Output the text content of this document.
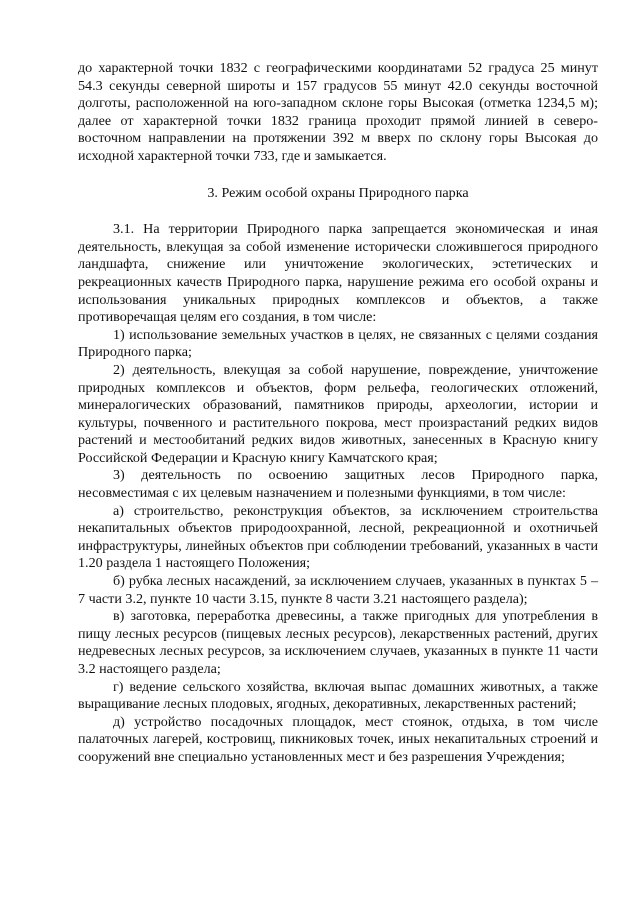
до характерной точки 1832 с географическими координатами 52 градуса 25 минут 54.3 секунды северной широты и 157 градусов 55 минут 42.0 секунды восточной долготы, расположенной на юго-западном склоне горы Высокая (отметка 1234,5 м); далее от характерной точки 1832 граница проходит прямой линией в северо-восточном направлении на протяжении 392 м вверх по склону горы Высокая до исходной характерной точки 733, где и замыкается.

3. Режим особой охраны Природного парка

3.1. На территории Природного парка запрещается экономическая и иная деятельность, влекущая за собой изменение исторически сложившегося природного ландшафта, снижение или уничтожение экологических, эстетических и рекреационных качеств Природного парка, нарушение режима его особой охраны и использования уникальных природных комплексов и объектов, а также противоречащая целям его создания, в том числе:

1) использование земельных участков в целях, не связанных с целями создания Природного парка;

2) деятельность, влекущая за собой нарушение, повреждение, уничтожение природных комплексов и объектов, форм рельефа, геологических отложений, минералогических образований, памятников природы, археологии, истории и культуры, почвенного и растительного покрова, мест произрастаний редких видов растений и местообитаний редких видов животных, занесенных в Красную книгу Российской Федерации и Красную книгу Камчатского края;

3) деятельность по освоению защитных лесов Природного парка, несовместимая с их целевым назначением и полезными функциями, в том числе:

а) строительство, реконструкция объектов, за исключением строительства некапитальных объектов природоохранной, лесной, рекреационной и охотничьей инфраструктуры, линейных объектов при соблюдении требований, указанных в части 1.20 раздела 1 настоящего Положения;

б) рубка лесных насаждений, за исключением случаев, указанных в пунктах 5 – 7 части 3.2, пункте 10 части 3.15, пункте 8 части 3.21 настоящего раздела);

в) заготовка, переработка древесины, а также пригодных для употребления в пищу лесных ресурсов (пищевых лесных ресурсов), лекарственных растений, других недревесных лесных ресурсов, за исключением случаев, указанных в пункте 11 части 3.2 настоящего раздела;

г) ведение сельского хозяйства, включая выпас домашних животных, а также выращивание лесных плодовых, ягодных, декоративных, лекарственных растений;

д) устройство посадочных площадок, мест стоянок, отдыха, в том числе палаточных лагерей, костровищ, пикниковых точек, иных некапитальных строений и сооружений вне специально установленных мест и без разрешения Учреждения;
